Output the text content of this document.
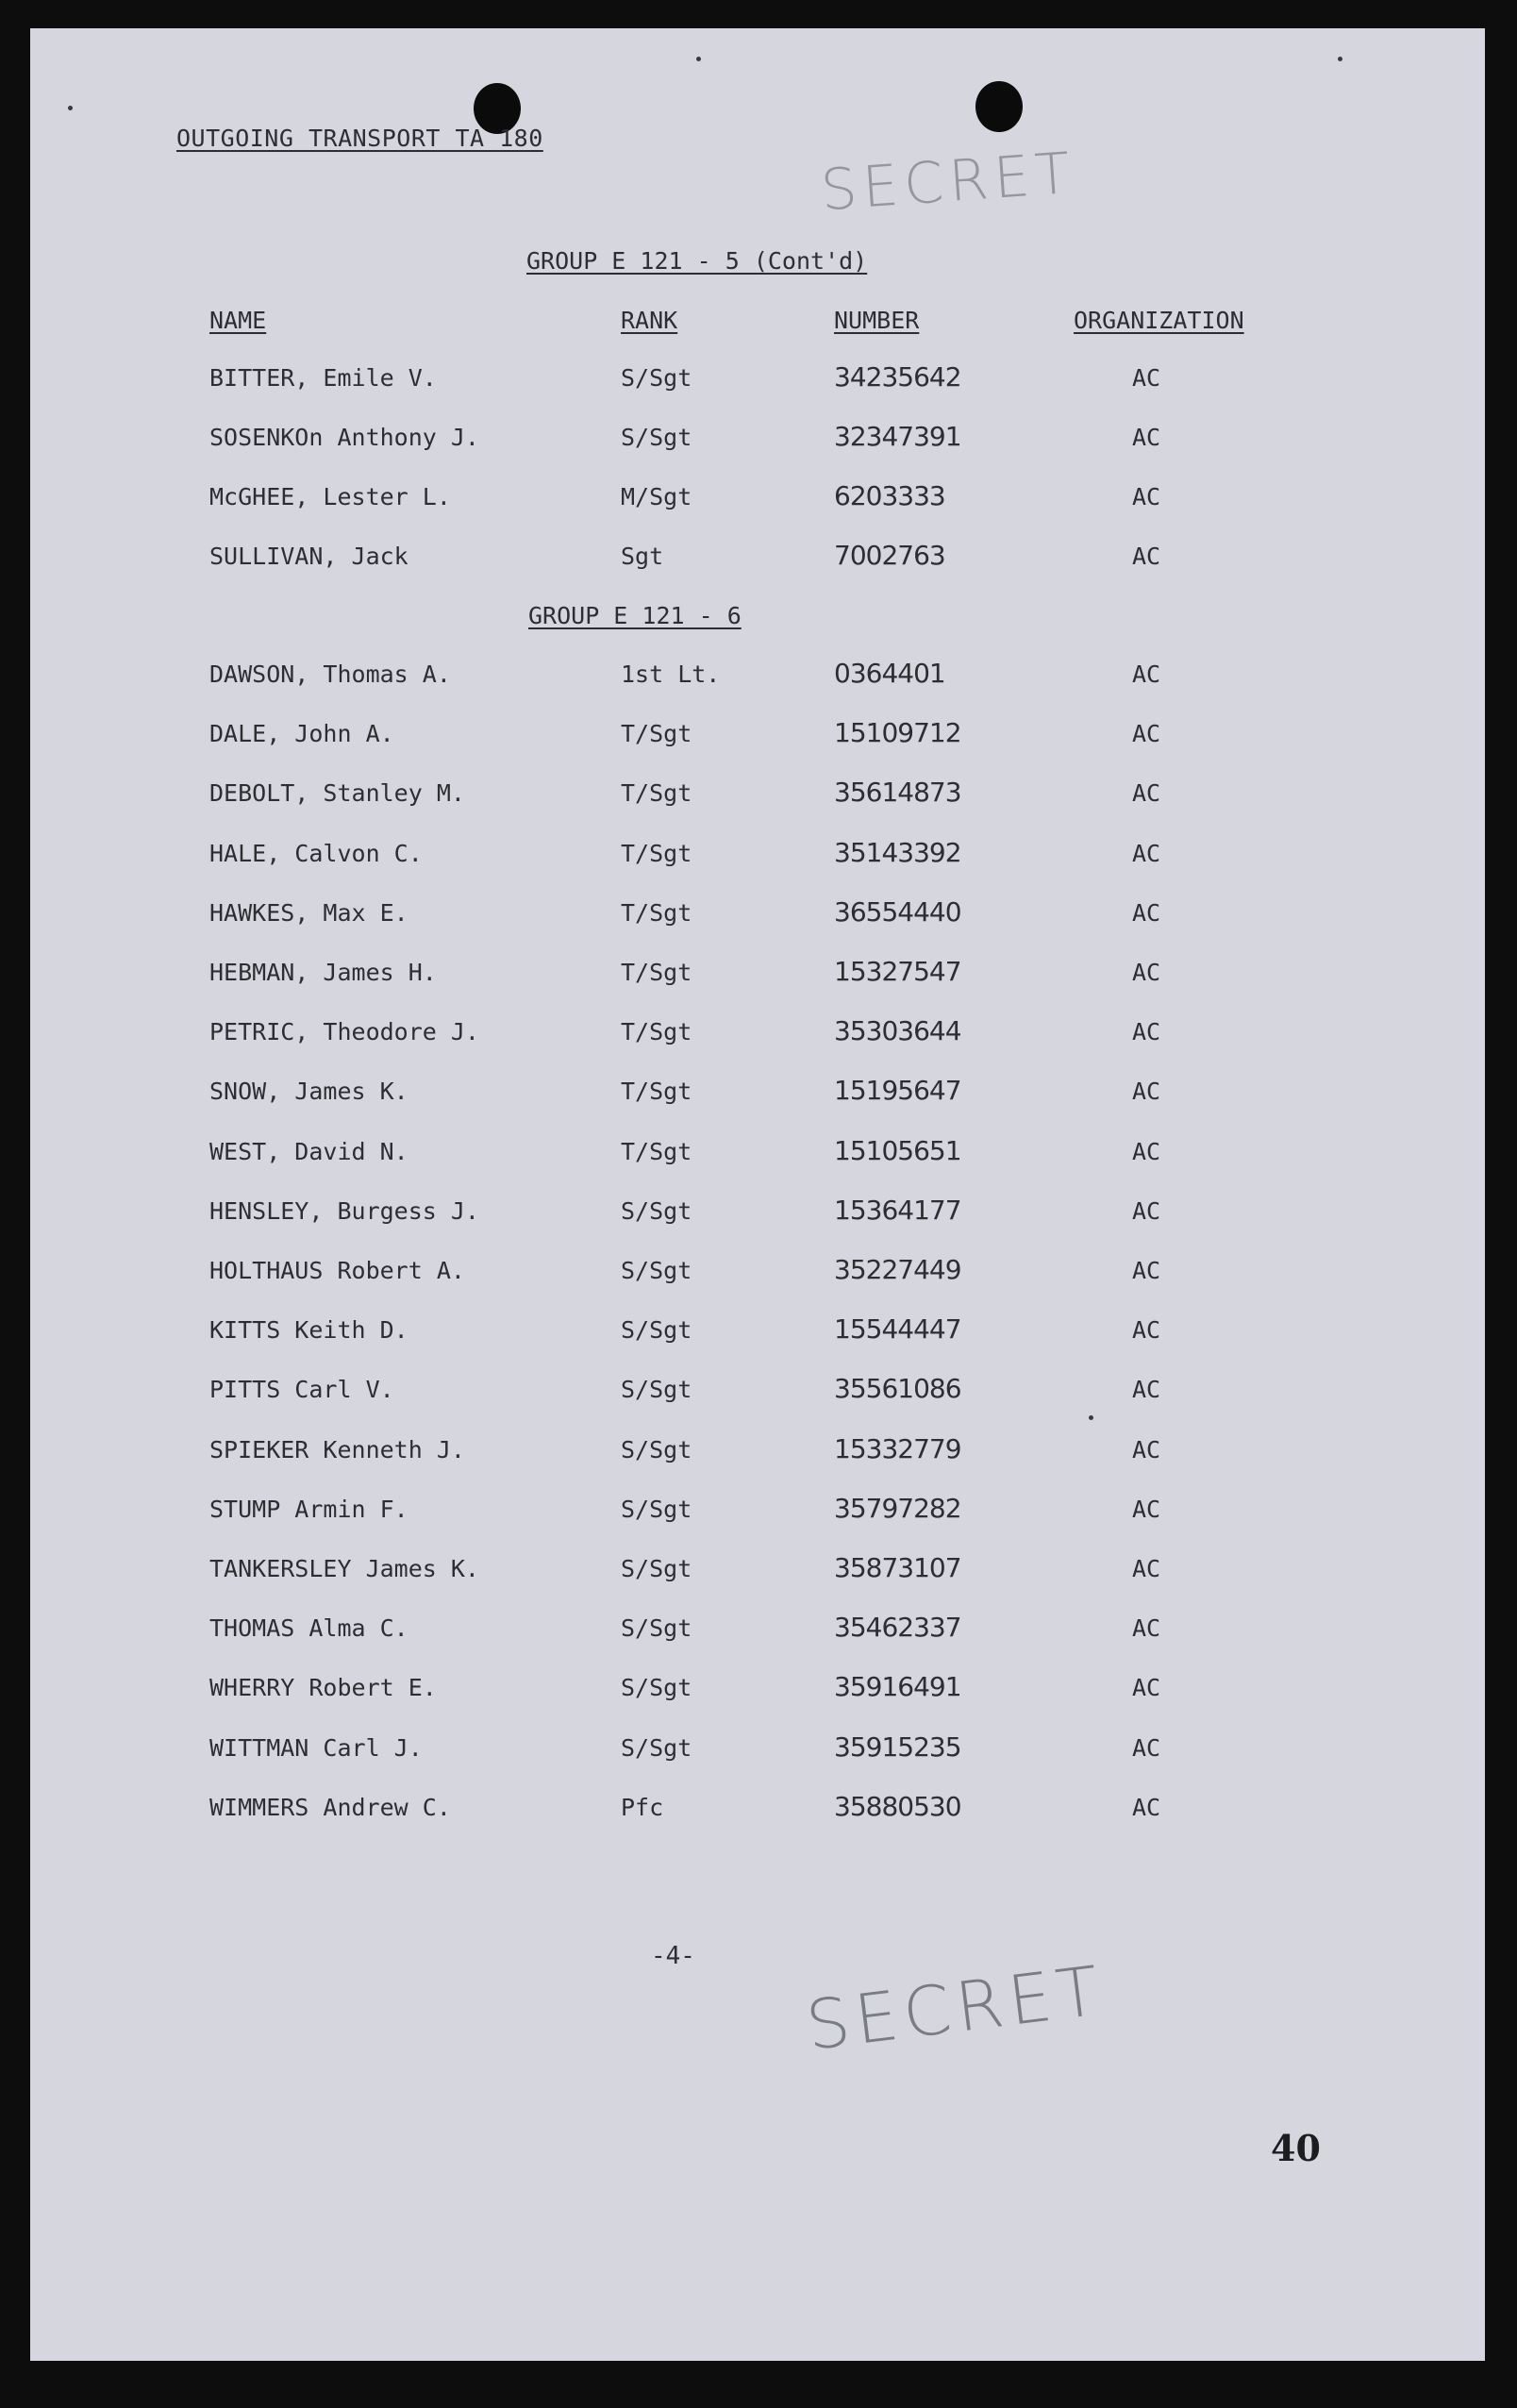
OUTGOING TRANSPORT TA 180
SECRET
GROUP E 121 - 5 (Cont'd)
NAME	RANK	NUMBER	ORGANIZATION
BITTER, Emile V.	S/Sgt	34235642	AC
SOSENKOn Anthony J.	S/Sgt	32347391	AC
McGHEE, Lester L.	M/Sgt	6203333	AC
SULLIVAN, Jack	Sgt	7002763	AC
GROUP E 121 - 6
DAWSON, Thomas A.	1st Lt.	0364401	AC
DALE, John A.	T/Sgt	15109712	AC
DEBOLT, Stanley M.	T/Sgt	35614873	AC
HALE, Calvon C.	T/Sgt	35143392	AC
HAWKES, Max E.	T/Sgt	36554440	AC
HEBMAN, James H.	T/Sgt	15327547	AC
PETRIC, Theodore J.	T/Sgt	35303644	AC
SNOW, James K.	T/Sgt	15195647	AC
WEST, David N.	T/Sgt	15105651	AC
HENSLEY, Burgess J.	S/Sgt	15364177	AC
HOLTHAUS Robert A.	S/Sgt	35227449	AC
KITTS Keith D.	S/Sgt	15544447	AC
PITTS Carl V.	S/Sgt	35561086	AC
SPIEKER Kenneth J.	S/Sgt	15332779	AC
STUMP Armin F.	S/Sgt	35797282	AC
TANKERSLEY James K.	S/Sgt	35873107	AC
THOMAS Alma C.	S/Sgt	35462337	AC
WHERRY Robert E.	S/Sgt	35916491	AC
WITTMAN Carl J.	S/Sgt	35915235	AC
WIMMERS Andrew C.	Pfc	35880530	AC
-4- SECRET
40
